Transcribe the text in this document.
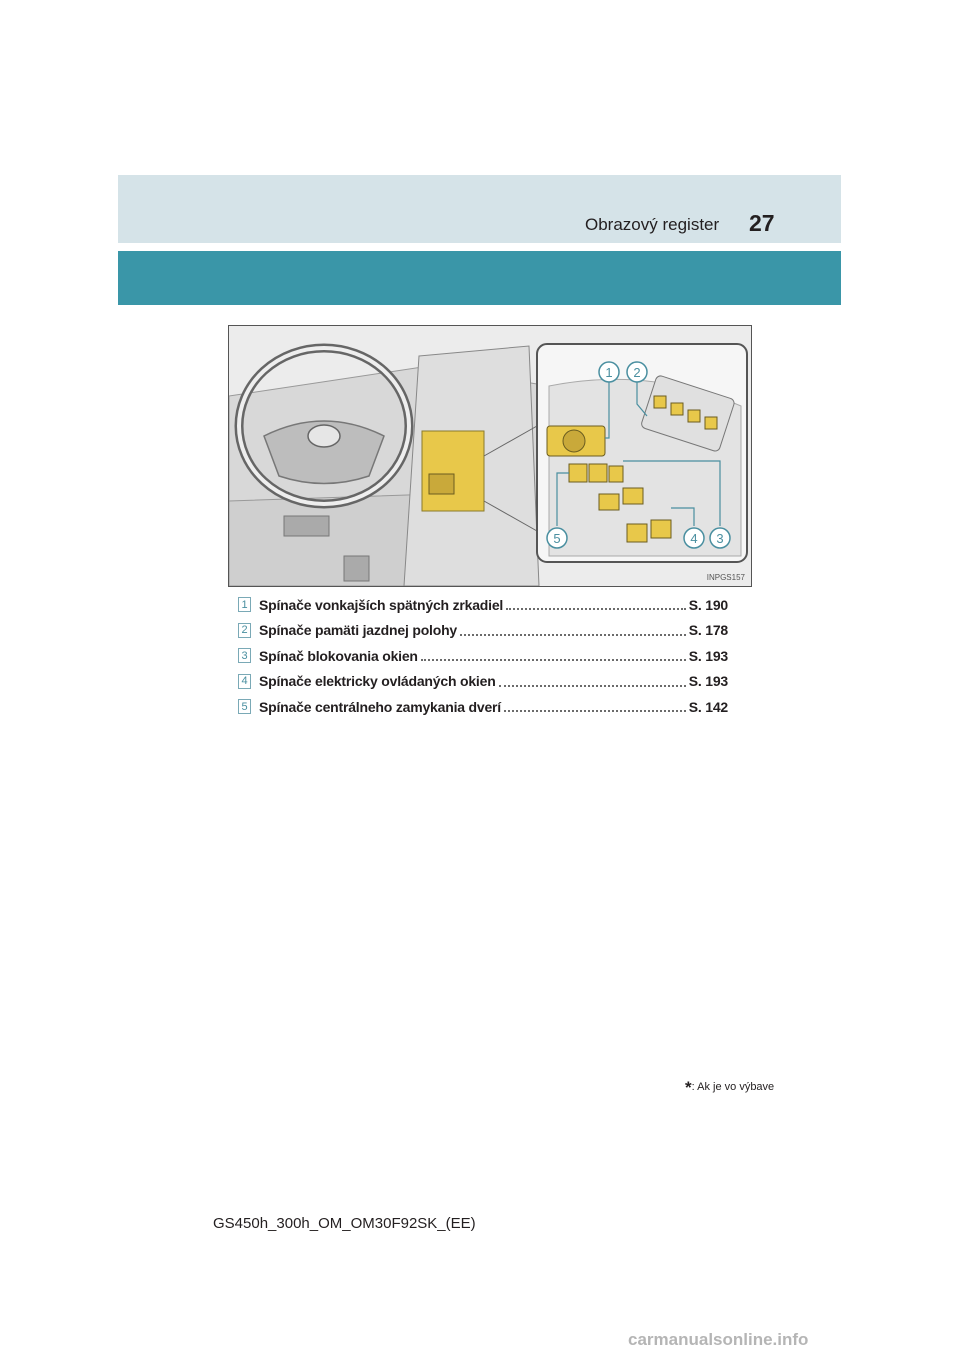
Obrazový register 27
1 2
3
4
5
INPGS157
1 Spínače vonkajších spätných zrkadiel	S. 190
2 Spínače pamäti jazdnej polohy	S. 178
3 Spínač blokovania okien	S. 193
4 Spínače elektricky ovládaných okien	S. 193
5 Spínače centrálneho zamykania dverí	S. 142
*: Ak je vo výbave
GS450h_300h_OM_OM30F92SK_(EE)
carmanualsonline.info
